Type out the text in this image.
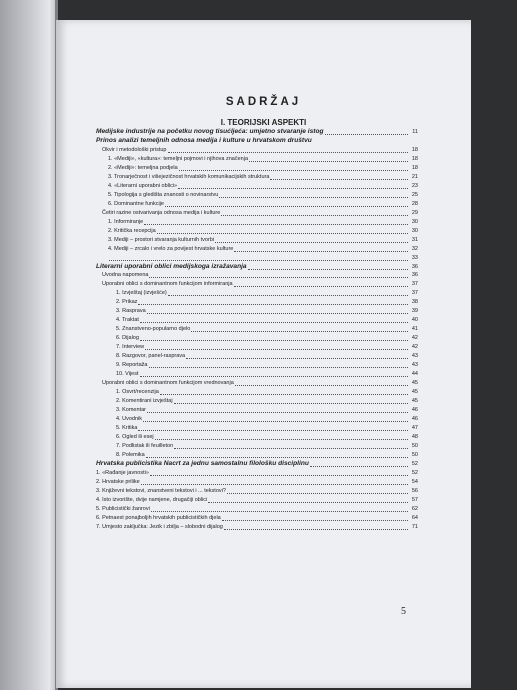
SADRŽAJ
I. TEORIJSKI ASPEKTI
Medijske industrije na početku novog tisućljeća: umjetno stvaranje istog	11
Prinos analizi temeljnih odnosa medija i kulture u hrvatskom društvu
Okvir i metodološki pristup	18
1. «Mediji», «kultura»: temeljni pojmovi i njihova značenja	18
2. «Mediji»: temeljna podjela	18
3. Tronarječnost i višejezičnost hrvatskih komunikacijskih struktura	21
4. «Literarni uporabni oblici»	23
5. Tipologija s gledišta znanosti o novinarstvu	25
6. Dominantne funkcije	28
Četiri razine ostvarivanja odnosa medija i kulture	29
1. Informiranje	30
2. Kritička recepcija	30
3. Mediji – prostori stvaranja kulturnih tvorbi	31
4. Mediji – zrcalo i vrelo za povijest hrvatske kulture	32
33
Literarni uporabni oblici medijskoga izražavanja	36
Uvodna napomena	36
Uporabni oblici s dominantnom funkcijom informiranja	37
1. Izvještaj (izvješće)	37
2. Prikaz	38
3. Rasprava	39
4. Traktat	40
5. Znanstveno-popularno djelo	41
6. Dijalog	42
7. Interview	42
8. Razgovor, panel-rasprava	43
9. Reportaža	43
10. Vijest	44
Uporabni oblici s dominantnom funkcijom vrednovanja	45
1. Osvrt/recenzija	45
2. Komentirani izvještaj	45
3. Komentar	46
4. Uvodnik	46
5. Kritika	47
6. Ogled ili esej	48
7. Podlistak ili feuilleton	50
8. Polemika	50
Hrvatska publicistika Nacrt za jednu samostalnu filološku disciplinu	52
1. «Rađanje javnosti»	52
2. Hrvatske prilike	54
3. Književni tekstovi, znanstveni tekstovi i ... tekstovi?	56
4. Isto izvorište, dvije namjene, drugačiji oblici	57
5. Publicistički žanrovi	62
6. Petnaest ponajboljih hrvatskih publicističkih djela	64
7. Umjesto zaključka: Jezik i zbilja – slobodni dijalog	71
5
